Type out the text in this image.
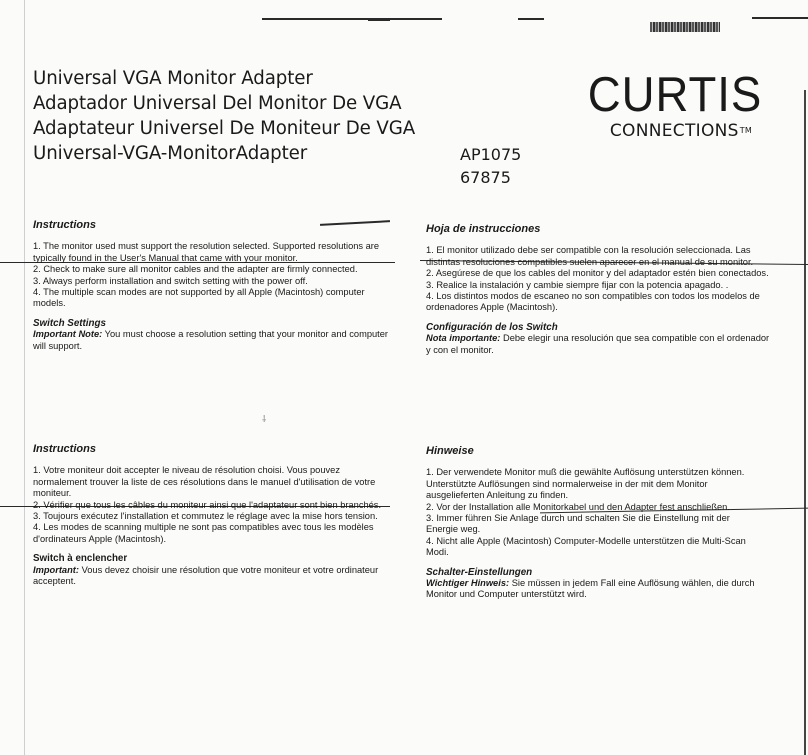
⸸
Universal VGA Monitor Adapter
Adaptador Universal Del Monitor De VGA
Adaptateur Universel De Moniteur De VGA
Universal-VGA-MonitorAdapter
CURTIS
CONNECTIONS™
AP1075
67875
Instructions

1. The monitor used must support the resolution selected. Supported resolutions are typically found in the User's Manual that came with your monitor.

2. Check to make sure all monitor cables and the adapter are firmly connected.

3. Always perform installation and switch setting with the power off.

4. The multiple scan modes are not supported by all Apple (Macintosh) computer models.

Switch Settings

Important Note: You must choose a resolution setting that your monitor and computer will support.

Hoja de instrucciones

1. El monitor utilizado debe ser compatible con la resolución seleccionada. Las distintas resoluciones compatibles suelen aparecer en el manual de su monitor.

2. Asegúrese de que los cables del monitor y del adaptador estén bien conectados.

3. Realice la instalación y cambie siempre fijar con la potencia apagado. .

4. Los distintos modos de escaneo no son compatibles con todos los modelos de ordenadores Apple (Macintosh).

Configuración de los Switch

Nota importante: Debe elegir una resolución que sea compatible con el ordenador y con el monitor.

Instructions

1. Votre moniteur doit accepter le niveau de résolution choisi. Vous pouvez normalement trouver la liste de ces résolutions dans le manuel d'utilisation de votre moniteur.

2. Vérifier que tous les câbles du moniteur ainsi que l'adaptateur sont bien branchés.

3. Toujours exécutez l'installation et commutez le réglage avec la mise hors tension.

4. Les modes de scanning multiple ne sont pas compatibles avec tous les modèles d'ordinateurs Apple (Macintosh).

Switch à enclencher

Important: Vous devez choisir une résolution que votre moniteur et votre ordinateur acceptent.

Hinweise

1. Der verwendete Monitor muß die gewählte Auflösung unterstützen können. Unterstützte Auflösungen sind normalerweise in der mit dem Monitor ausgelieferten Anleitung zu finden.

2. Vor der Installation alle Monitorkabel und den Adapter fest anschließen.

3. Immer führen Sie Anlage durch und schalten Sie die Einstellung mit der Energie weg.

4. Nicht alle Apple (Macintosh) Computer-Modelle unterstützen die Multi-Scan Modi.

Schalter-Einstellungen

Wichtiger Hinweis: Sie müssen in jedem Fall eine Auflösung wählen, die durch Monitor und Computer unterstützt wird.
